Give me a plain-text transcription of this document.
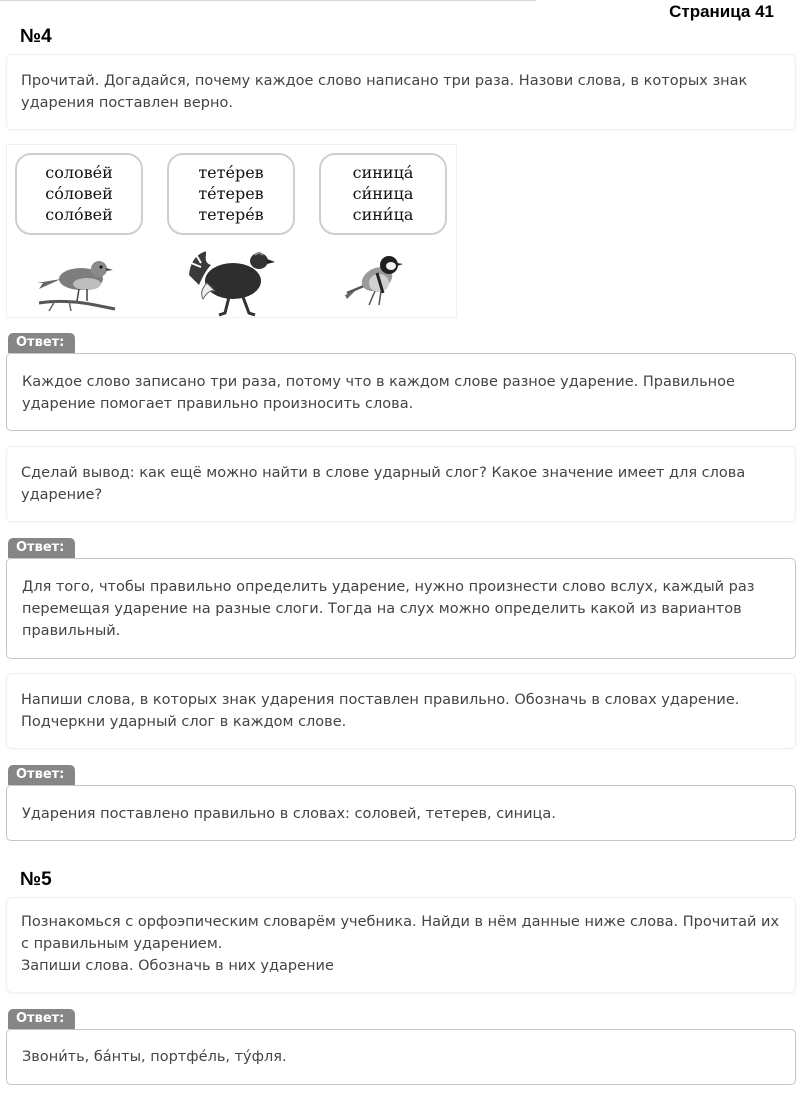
Страница 41
№4
Прочитай. Догадайся, почему каждое слово написано три раза. Назови слова, в которых знак ударения поставлен верно.
солове́й
со́ловей
соло́вей
тете́рев
те́терев
тетере́в
синица́
си́ница
сини́ца
Ответ:
Каждое слово записано три раза, потому что в каждом слове разное ударение. Правильное ударение помогает правильно произносить слова.
Сделай вывод: как ещё можно найти в слове ударный слог? Какое значение имеет для слова ударение?
Ответ:
Для того, чтобы правильно определить ударение, нужно произнести слово вслух, каждый раз перемещая ударение на разные слоги. Тогда на слух можно определить какой из вариантов правильный.
Напиши слова, в которых знак ударения поставлен правильно. Обозначь в словах ударение. Подчеркни ударный слог в каждом слове.
Ответ:
Ударения поставлено правильно в словах: соловей, тетерев, синица.
№5
Познакомься с орфоэпическим словарём учебника. Найди в нём данные ниже слова. Прочитай их с правильным ударением.
Запиши слова. Обозначь в них ударение
Ответ:
Звони́ть, ба́нты, портфе́ль, ту́фля.
